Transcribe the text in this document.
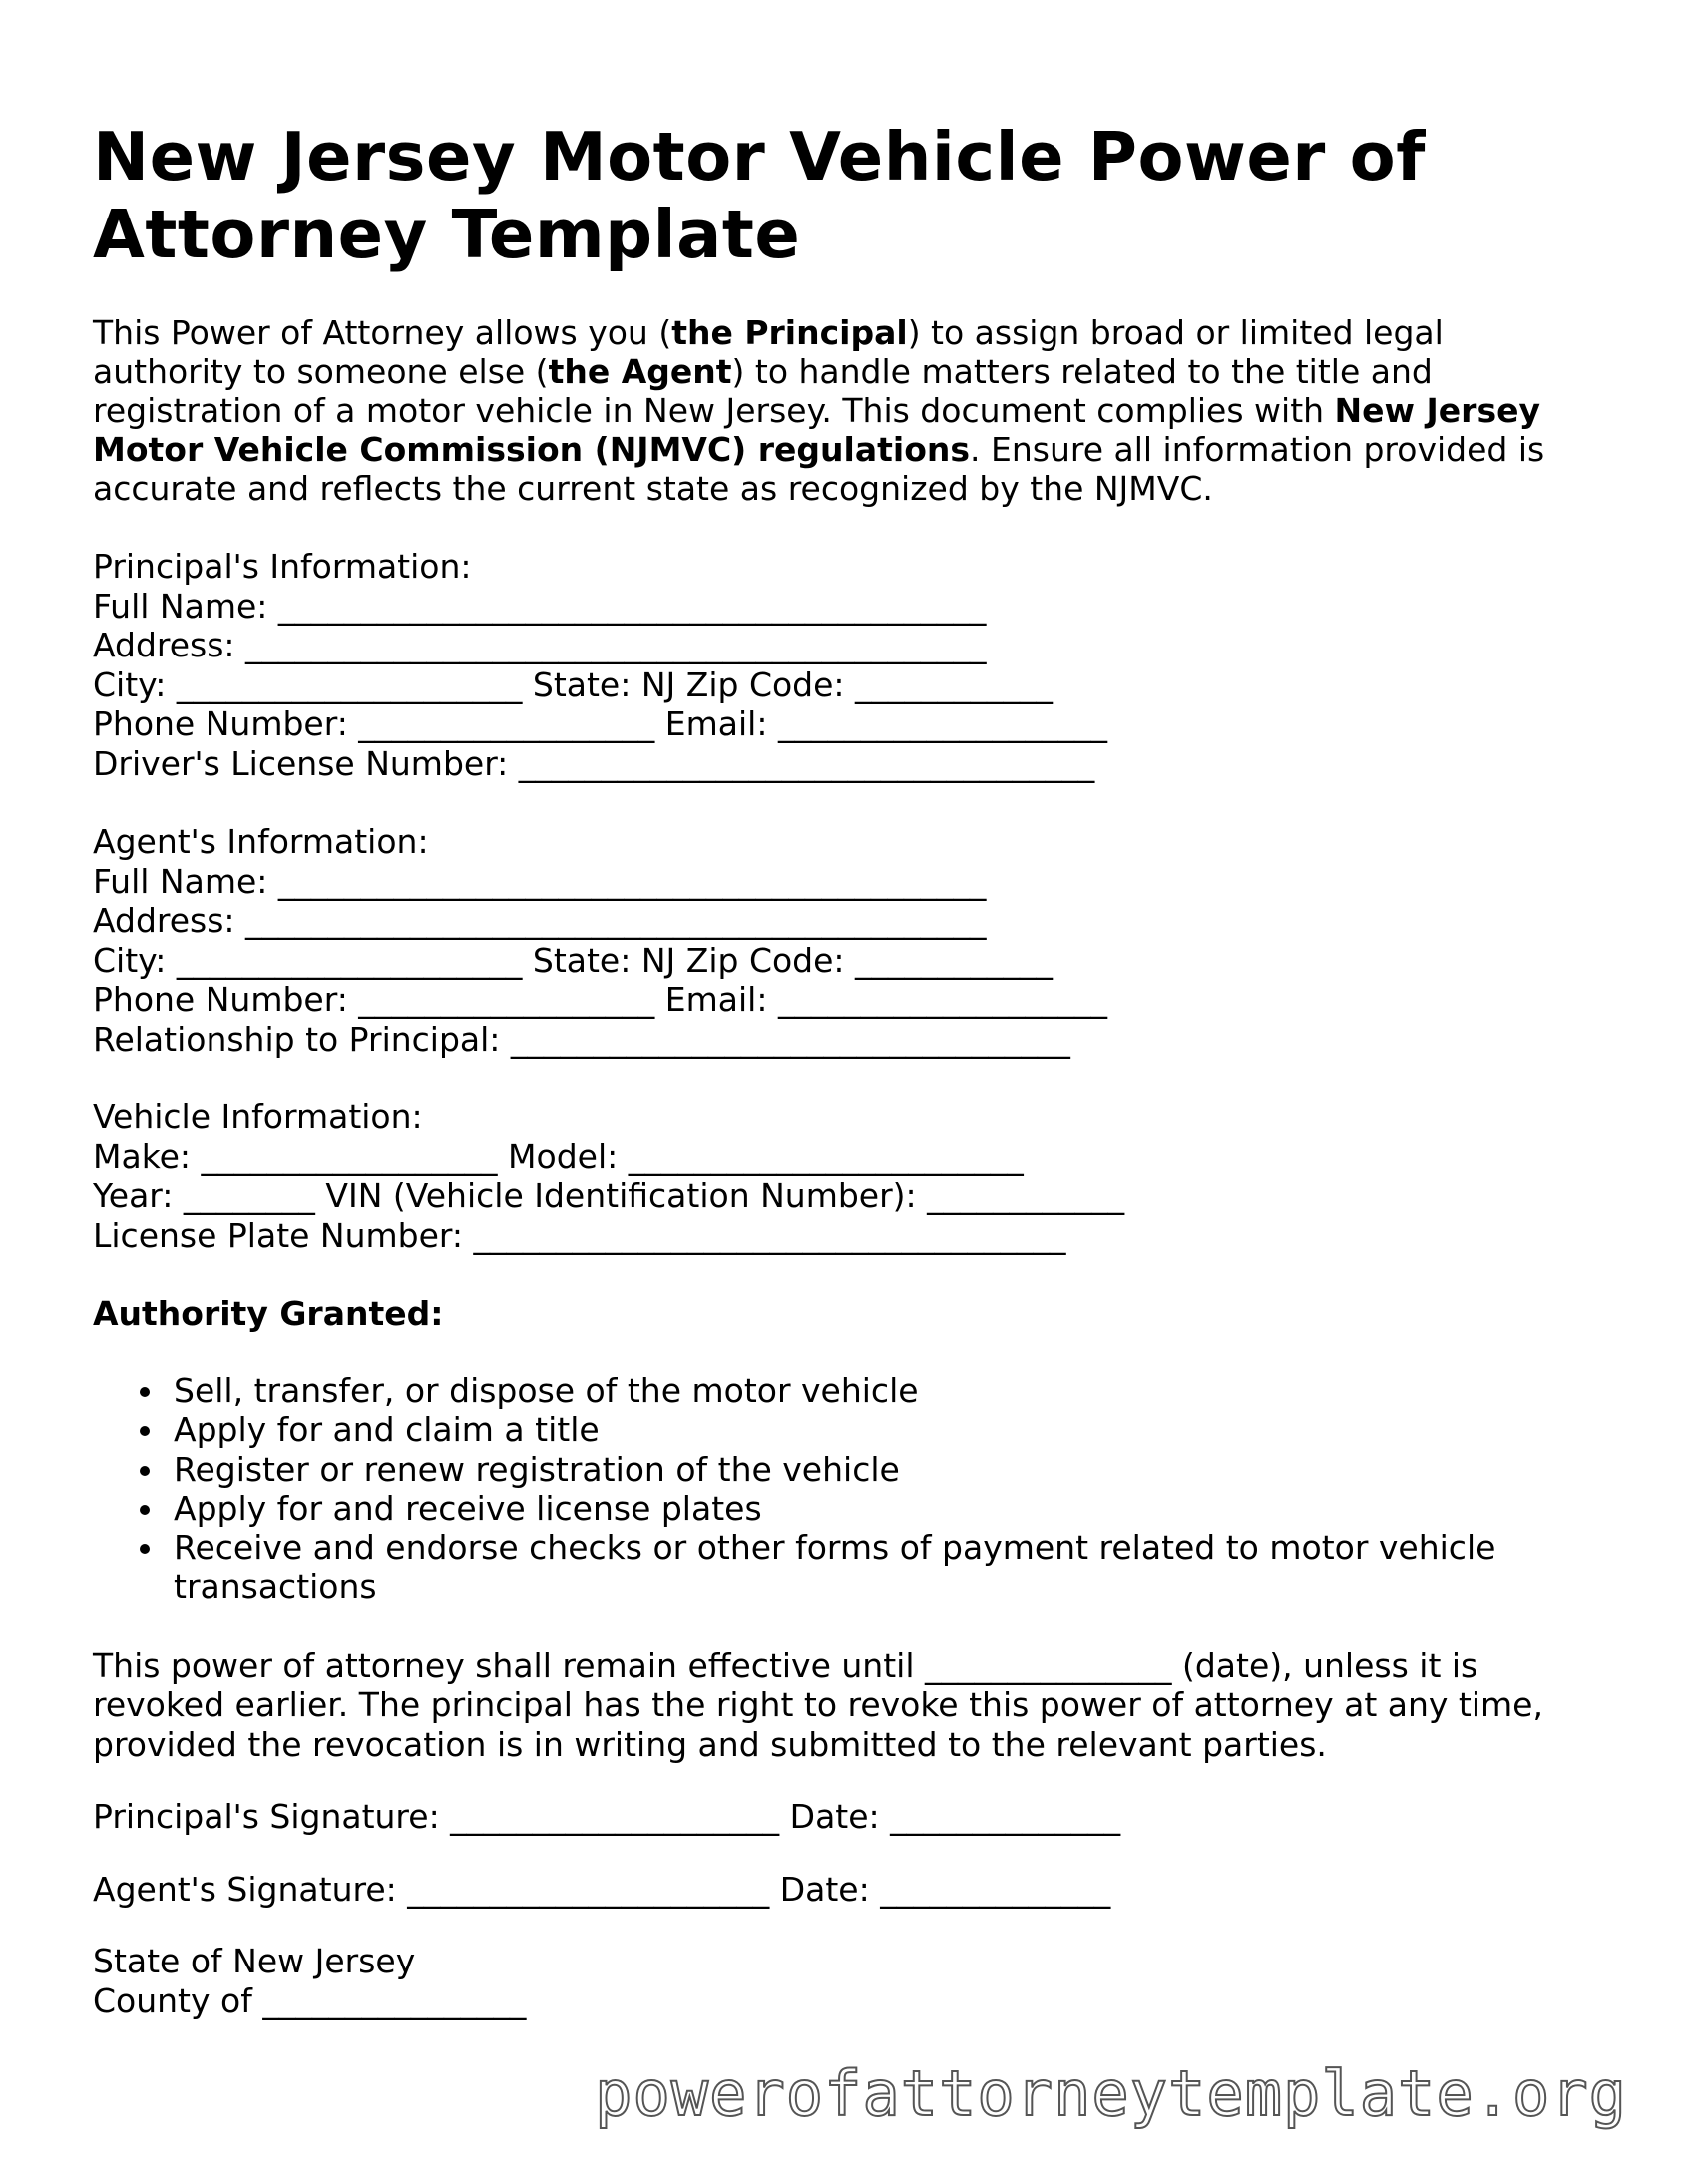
New Jersey Motor Vehicle Power of Attorney Template

This Power of Attorney allows you (the Principal) to assign broad or limited legal authority to someone else (the Agent) to handle matters related to the title and registration of a motor vehicle in New Jersey. This document complies with New Jersey Motor Vehicle Commission (NJMVC) regulations. Ensure all information provided is accurate and reflects the current state as recognized by the NJMVC.

Principal's Information:
Full Name: ___________________________________________
Address: _____________________________________________
City: _____________________ State: NJ Zip Code: ____________
Phone Number: __________________ Email: ____________________
Driver's License Number: ___________________________________
Agent's Information:
Full Name: ___________________________________________
Address: _____________________________________________
City: _____________________ State: NJ Zip Code: ____________
Phone Number: __________________ Email: ____________________
Relationship to Principal: __________________________________
Vehicle Information:
Make: __________________ Model: ________________________
Year: ________ VIN (Vehicle Identification Number): ____________
License Plate Number: ____________________________________
Authority Granted:
Sell, transfer, or dispose of the motor vehicle
Apply for and claim a title
Register or renew registration of the vehicle
Apply for and receive license plates
Receive and endorse checks or other forms of payment related to motor vehicle transactions
This power of attorney shall remain effective until _______________ (date), unless it is revoked earlier. The principal has the right to revoke this power of attorney at any time, provided the revocation is in writing and submitted to the relevant parties.
Principal's Signature: ____________________ Date: ______________
Agent's Signature: ______________________ Date: ______________
State of New Jersey
County of ________________
powerofattorneytemplate.org
